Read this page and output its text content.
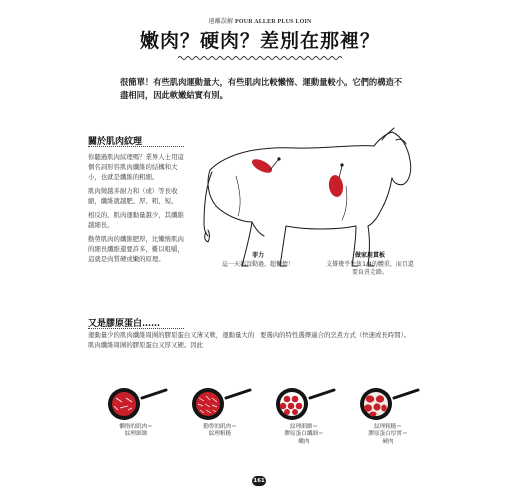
遠離誤解 POUR ALLER PLUS LOIN
嫩肉？硬肉？差別在那裡？
很簡單！有些肌肉運動量大，有些肌肉比較懶惰、運動量較小。它們的構造不盡相同，因此軟嫩結實有別。
關於肌肉紋理

你聽過肌肉紋理嗎？業界人士用這個名詞形容肌肉纖維的結構和大小，也就是纖維的粗細。

肌肉徵越多耐力和（或）等長收縮，纖維就越肥、厚、粗、短。

相反的，肌肉運動量越少，其纖維越細長。

勤勞肌肉的纖維肥厚，比懶惰肌肉的細長纖維還要許多，難以咀嚼，這就是肉質硬或嫩的原理。	菲力
這一天都沒動過，超懶惰！
做家用貫板
支撐幾乎牛隻1/4的體重，而且還要負責走路。
又是膠原蛋白……
運動量少的肌肉纖維周圍的膠原蛋白又薄又軟，運動量大的肌肉纖維周圍的膠原蛋白又厚又硬。因此
要選肉的特性選擇適合的烹煮方式（快速或長時間）。
懶惰的肌肉＝
紋理細緻
勤勞的肌肉＝
紋理粗糙
紋理細緻＝
膠原蛋白纖細＝
嫩肉
紋理粗糙＝
膠原蛋白厚實＝
硬肉
161
